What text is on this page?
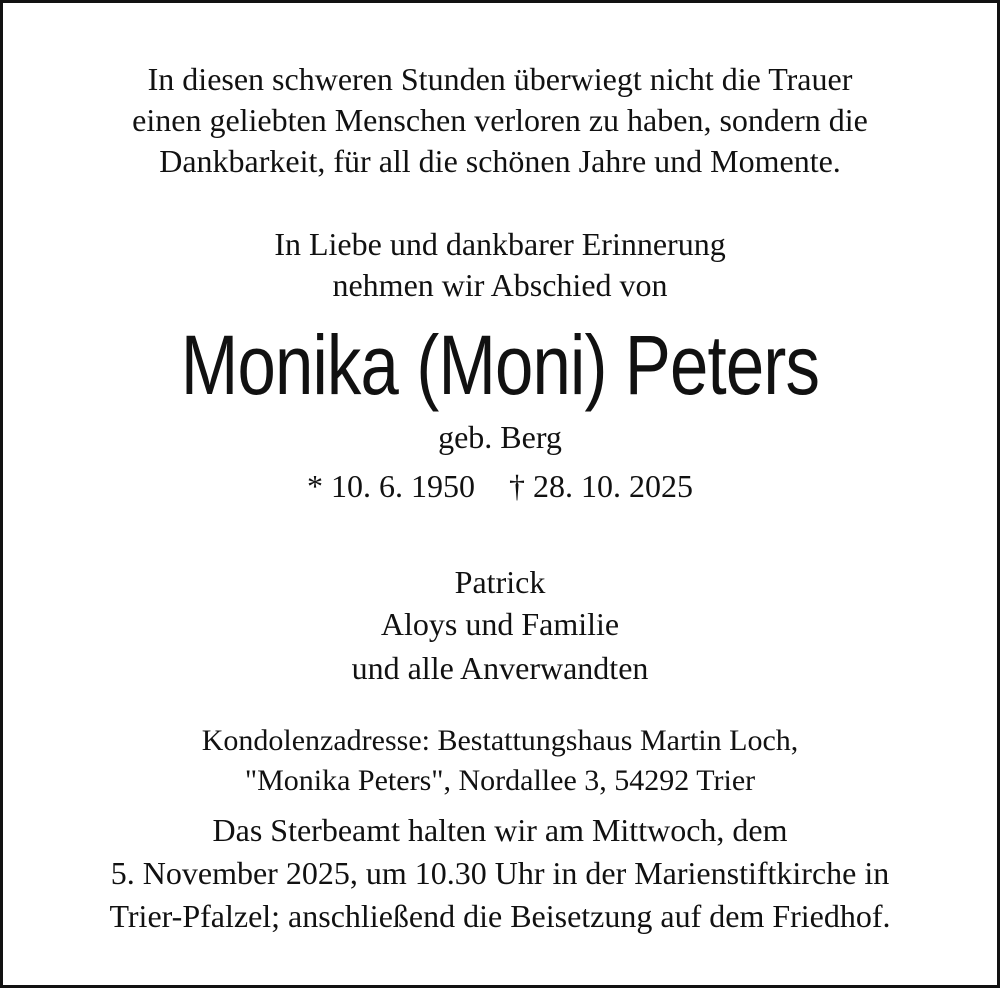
In diesen schweren Stunden überwiegt nicht die Trauer
einen geliebten Menschen verloren zu haben, sondern die
Dankbarkeit, für all die schönen Jahre und Momente.
In Liebe und dankbarer Erinnerung
nehmen wir Abschied von
Monika (Moni) Peters
geb. Berg
* 10. 6. 1950 † 28. 10. 2025
Patrick
Aloys und Familie
und alle Anverwandten
Kondolenzadresse: Bestattungshaus Martin Loch,
"Monika Peters", Nordallee 3, 54292 Trier
Das Sterbeamt halten wir am Mittwoch, dem
5. November 2025, um 10.30 Uhr in der Marienstiftkirche in
Trier-Pfalzel; anschließend die Beisetzung auf dem Friedhof.
